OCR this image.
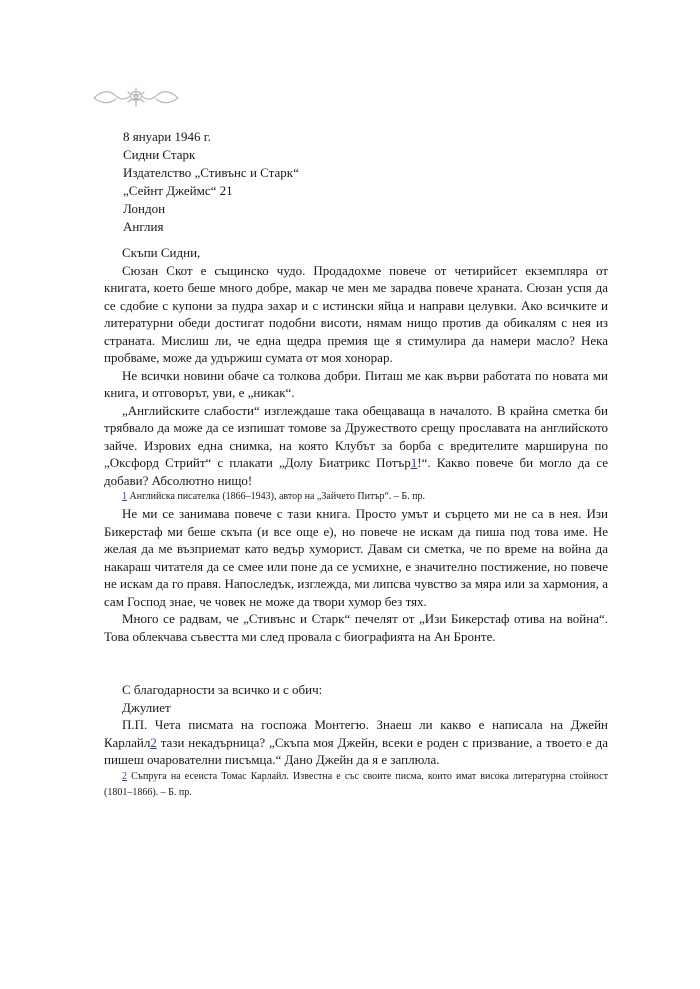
8 януари 1946 г.
Сидни Старк
Издателство „Стивънс и Старк“
„Сейнт Джеймс“ 21
Лондон
Англия

Скъпи Сидни,

Сюзан Скот е същинско чудо. Продадохме повече от четирийсет екземпляра от книгата, което беше много добре, макар че мен ме зарадва повече храната. Сюзан успя да се сдобие с купони за пудра захар и с истински яйца и направи целувки. Ако всичките и литературни обеди достигат подобни висоти, нямам нищо против да обикалям с нея из страната. Мислиш ли, че една щедра премия ще я стимулира да намери масло? Нека пробваме, може да удържиш сумата от моя хонорар.

Не всички новини обаче са толкова добри. Питаш ме как върви работата по новата ми книга, и отговорът, уви, е „никак“.

„Английските слабости“ изглеждаше така обещаваща в началото. В крайна сметка би трябвало да може да се изпишат томове за Дружеството срещу прославата на английското зайче. Изрових една снимка, на която Клубът за борба с вредителите маршируна по „Оксфорд Стрийт“ с плакати „Долу Биатрикс Потър1!“. Какво повече би могло да се добави? Абсолютно нищо!

1 Английска писателка (1866–1943), автор на „Зайчето Питър“. – Б. пр.

Не ми се занимава повече с тази книга. Просто умът и сърцето ми не са в нея. Изи Бикерстаф ми беше скъпа (и все още е), но повече не искам да пиша под това име. Не желая да ме възприемат като ведър хуморист. Давам си сметка, че по време на война да накараш читателя да се смее или поне да се усмихне, е значително постижение, но повече не искам да го правя. Напоследък, изглежда, ми липсва чувство за мяра или за хармония, а сам Господ знае, че човек не може да твори хумор без тях.

Много се радвам, че „Стивънс и Старк“ печелят от „Изи Бикерстаф отива на война“. Това облекчава съвестта ми след провала с биографията на Ан Бронте.

С благодарности за всичко и с обич:

Джулиет

П.П. Чета писмата на госпожа Монтегю. Знаеш ли какво е написала на Джейн Карлайл2 тази некадърница? „Скъпа моя Джейн, всеки е роден с призвание, а твоето е да пишеш очарователни писъмца.“ Дано Джейн да я е заплюла.

2 Съпруга на есеиста Томас Карлайл. Известна е със своите писма, които имат висока литературна стойност (1801–1866). – Б. пр.
